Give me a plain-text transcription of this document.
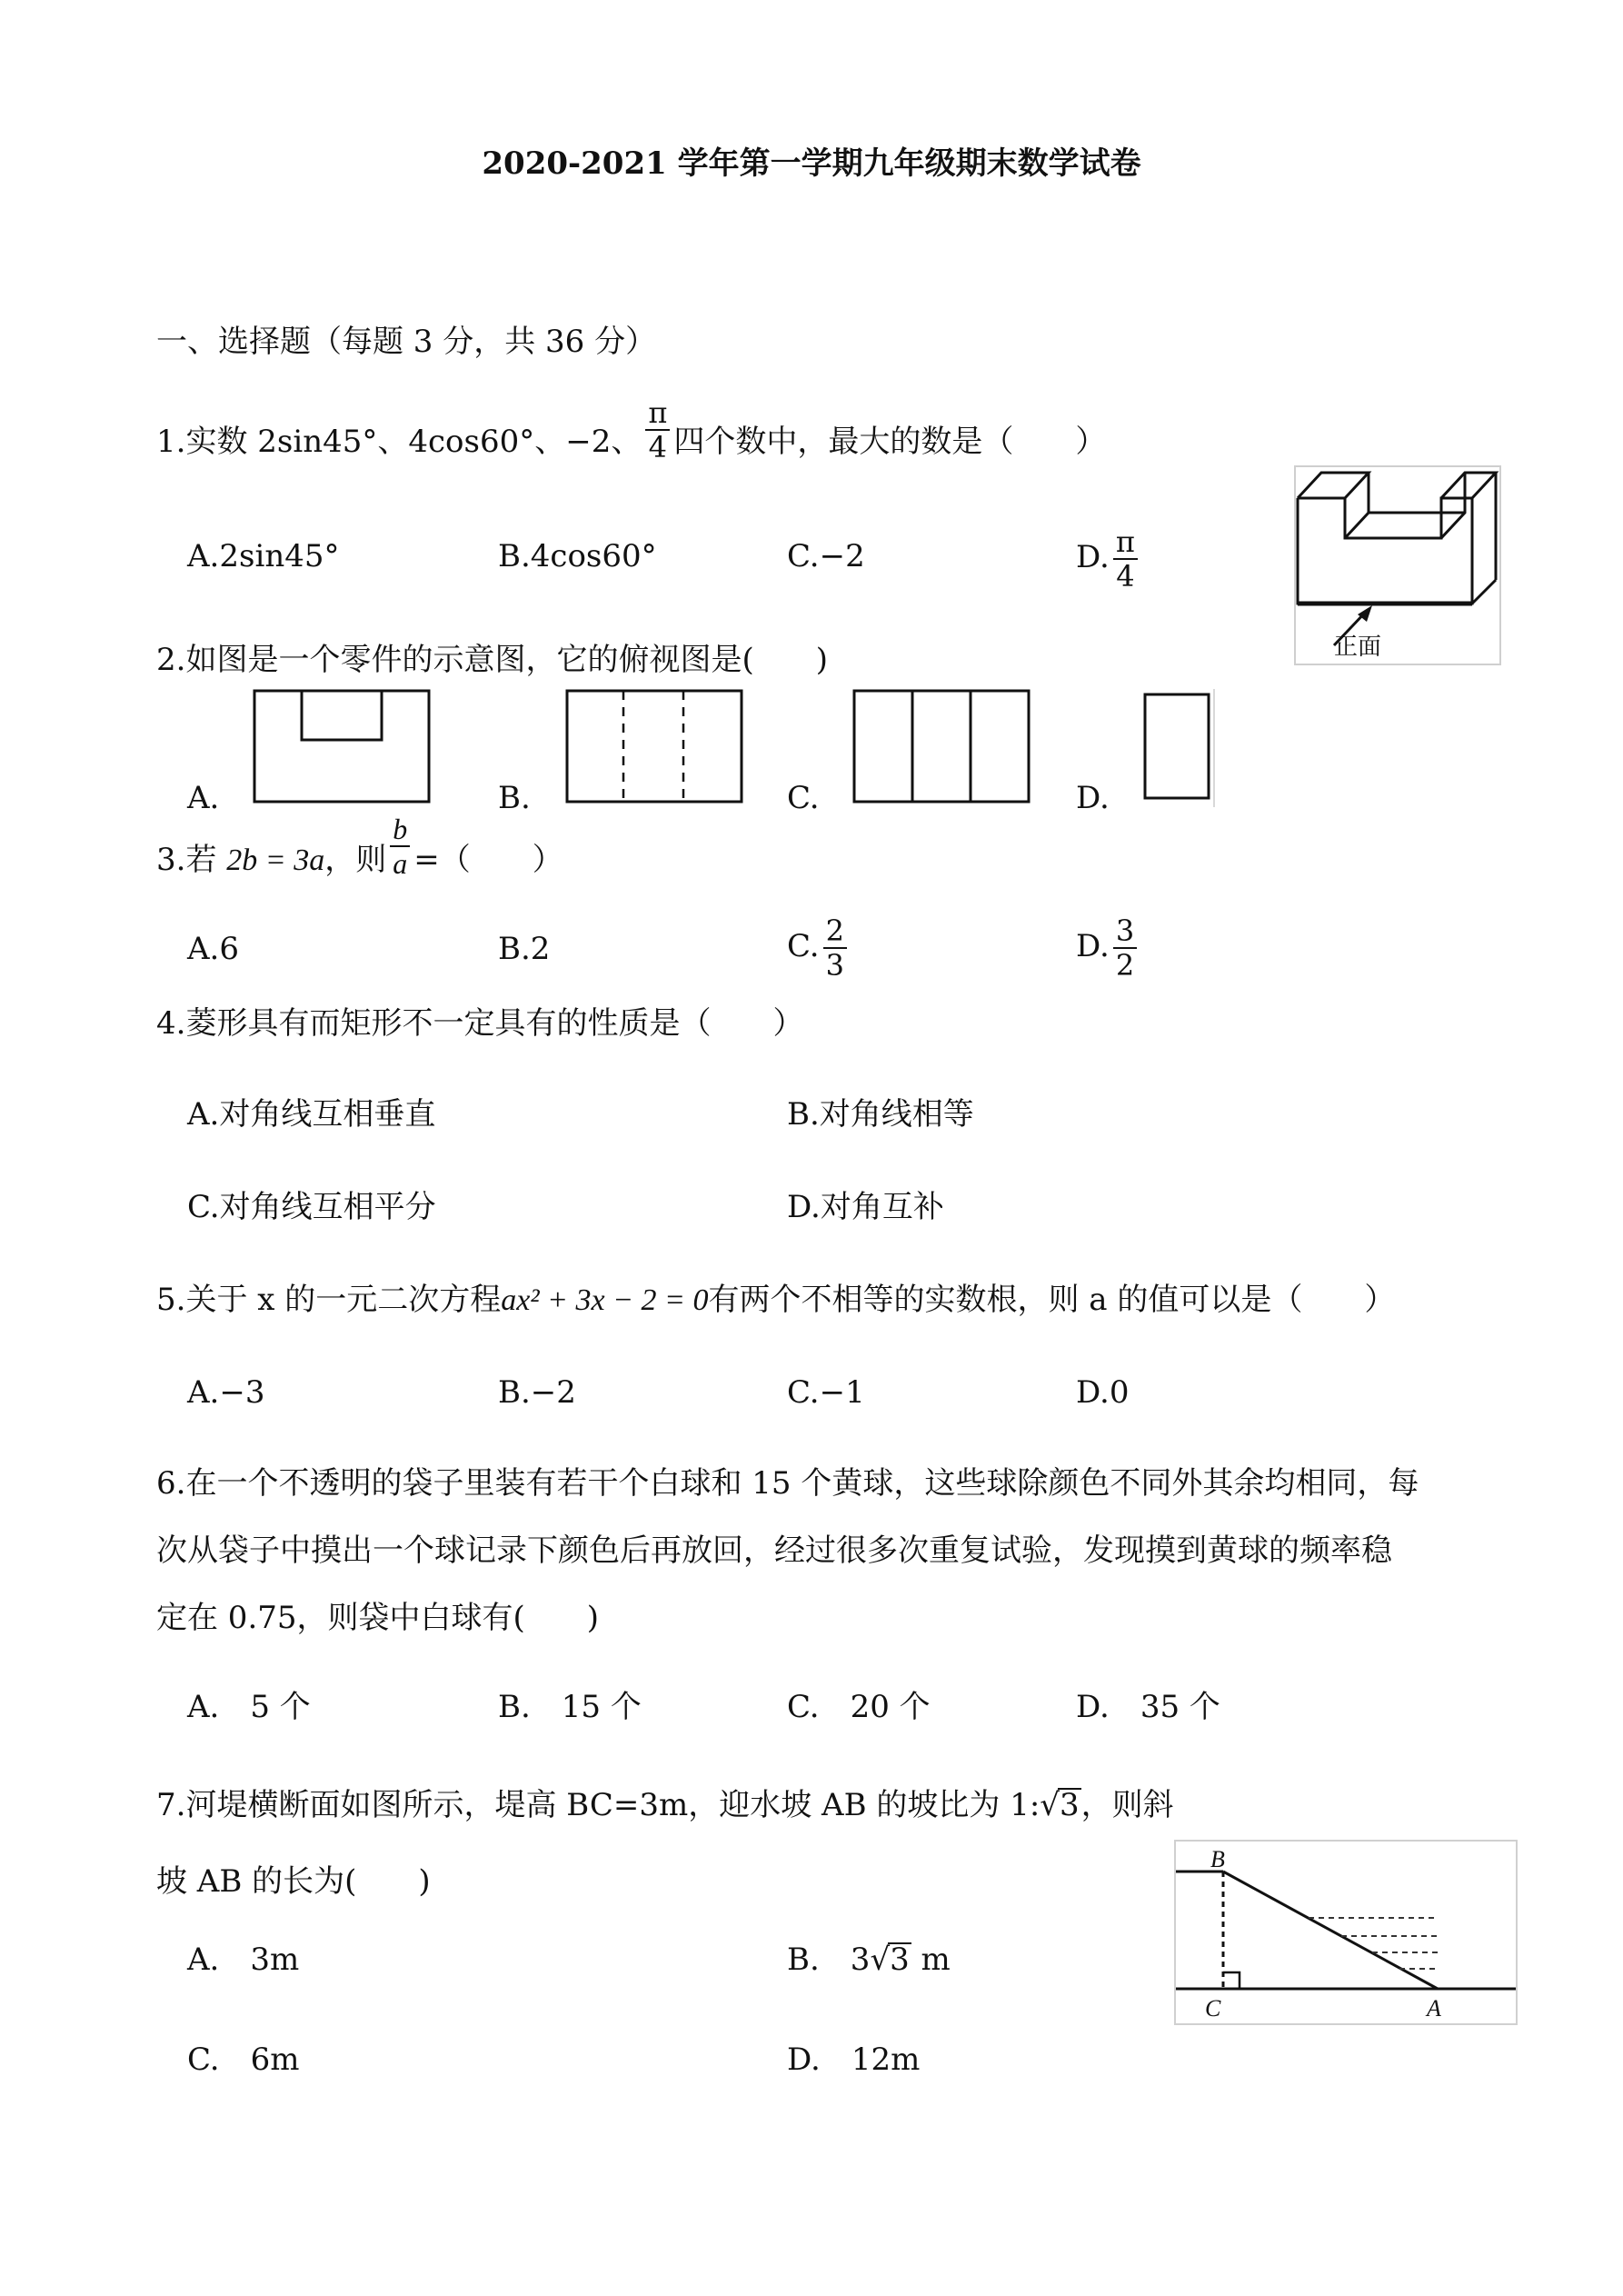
2020-2021 学年第一学期九年级期末数学试卷
一、选择题（每题 3 分，共 36 分）
1.实数 2sin45°、4cos60°、−2、 $\frac{\pi}{4}$ 四个数中，最大的数是（　　）
A.2sin45°	B.4cos60°	C.−2	D. $\frac{\pi}{4}$
正面
2.如图是一个零件的示意图，它的俯视图是(　　)
A.	B.	C.	D.
3.若 2b = 3a，则 $\frac{b}{a}$ =（　　）
A.6	B.2	C. $\frac{2}{3}$	D. $\frac{3}{2}$
4.菱形具有而矩形不一定具有的性质是（　　）
A.对角线互相垂直	B.对角线相等
C.对角线互相平分	D.对角互补
5.关于 x 的一元二次方程ax² + 3x − 2 = 0有两个不相等的实数根，则 a 的值可以是（　　）
A.−3	B.−2	C.−1	D.0
6.在一个不透明的袋子里装有若干个白球和 15 个黄球，这些球除颜色不同外其余均相同，每
次从袋子中摸出一个球记录下颜色后再放回，经过很多次重复试验，发现摸到黄球的频率稳
定在 0.75，则袋中白球有(　　)
A.　5 个	B.　15 个	C.　20 个	D.　35 个
7.河堤横断面如图所示，堤高 BC=3m，迎水坡 AB 的坡比为 1:√3，则斜
坡 AB 的长为(　　)
A.　3m	B.　3√3 m
C.　6m	D.　12m
B
C	A
